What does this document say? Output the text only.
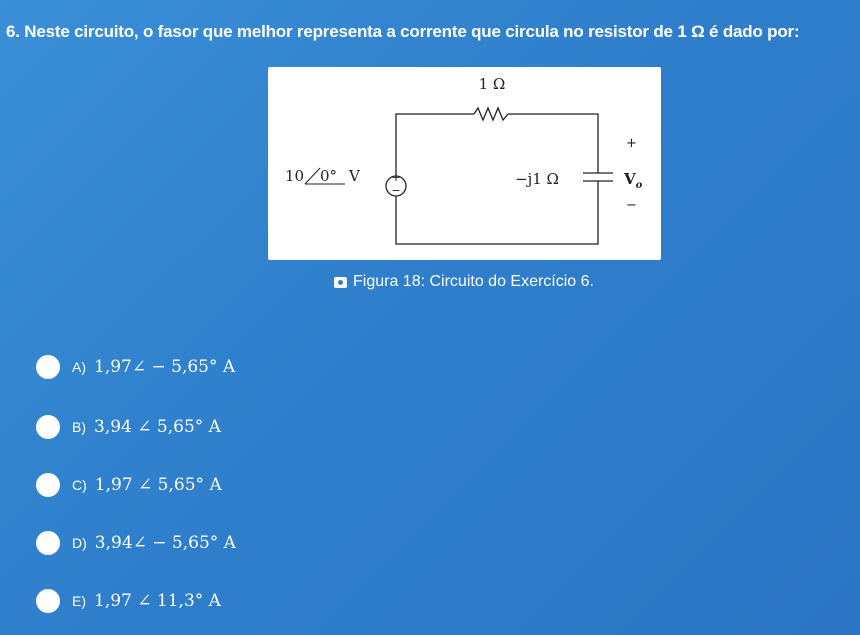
6. Neste circuito, o fasor que melhor representa a corrente que circula no resistor de 1 Ω é dado por:
1 Ω
+
−
10 0° V	−j1 Ω
+
$V_o$
−
Figura 18: Circuito do Exercício 6.
A) 1,97∠ − 5,65° A
B) 3,94 ∠ 5,65° A
C) 1,97 ∠ 5,65° A
D) 3,94∠ − 5,65° A
E) 1,97 ∠ 11,3° A
